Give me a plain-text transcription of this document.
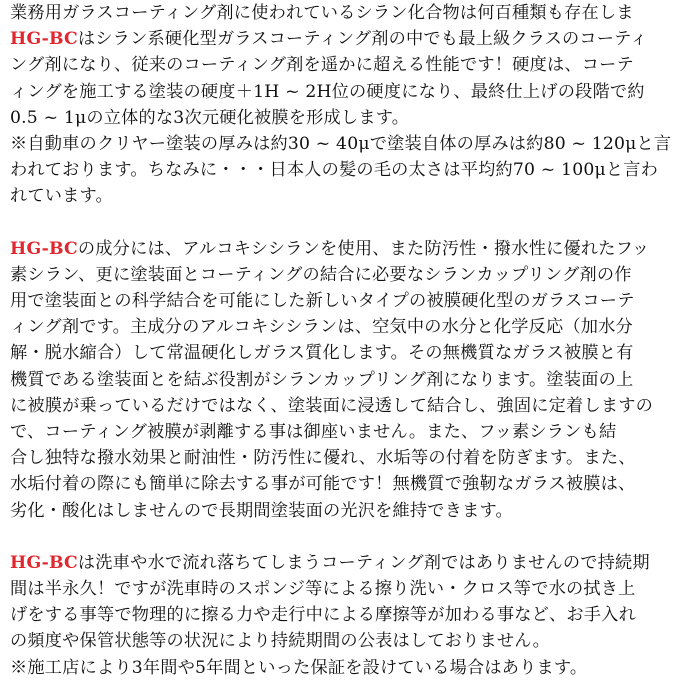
業務用ガラスコーティング剤に使われているシラン化合物は何百種類も存在しま
HG-BCはシラン系硬化型ガラスコーティング剤の中でも最上級クラスのコーティ
ング剤になり、従来のコーティング剤を遥かに超える性能です！硬度は、コーテ
ィングを施工する塗装の硬度＋1H ~ 2H位の硬度になり、最終仕上げの段階で約
0.5 ~ 1μの立体的な3次元硬化被膜を形成します。
※自動車のクリヤー塗装の厚みは約30 ~ 40μで塗装自体の厚みは約80 ~ 120μと言
われております。ちなみに・・・日本人の髪の毛の太さは平均約70 ~ 100μと言わ
れています。
HG-BCの成分には、アルコキシシランを使用、また防汚性・撥水性に優れたフッ
素シラン、更に塗装面とコーティングの結合に必要なシランカップリング剤の作
用で塗装面との科学結合を可能にした新しいタイプの被膜硬化型のガラスコーテ
ィング剤です。主成分のアルコキシシランは、空気中の水分と化学反応（加水分
解・脱水縮合）して常温硬化しガラス質化します。その無機質なガラス被膜と有
機質である塗装面とを結ぶ役割がシランカップリング剤になります。塗装面の上
に被膜が乗っているだけではなく、塗装面に浸透して結合し、強固に定着しますの
で、コーティング被膜が剥離する事は御座いません。また、フッ素シランも結
合し独特な撥水効果と耐油性・防汚性に優れ、水垢等の付着を防ぎます。また、
水垢付着の際にも簡単に除去する事が可能です！無機質で強靭なガラス被膜は、
劣化・酸化はしませんので長期間塗装面の光沢を維持できます。
HG-BCは洗車や水で流れ落ちてしまうコーティング剤ではありませんので持続期
間は半永久！ですが洗車時のスポンジ等による擦り洗い・クロス等で水の拭き上
げをする事等で物理的に擦る力や走行中による摩擦等が加わる事など、お手入れ
の頻度や保管状態等の状況により持続期間の公表はしておりません。
※施工店により3年間や5年間といった保証を設けている場合はあります。
